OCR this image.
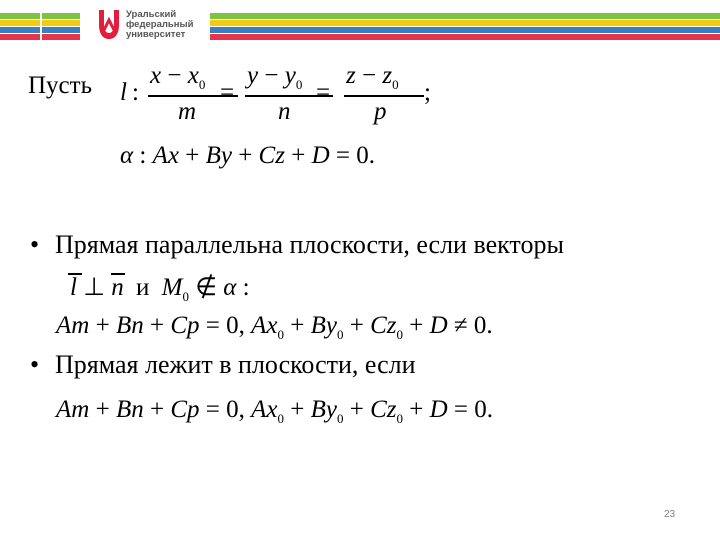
Уральский
федеральный
университет
Пусть l :
$x - x_0$
m
=
$y - y_0$
n
=
$z - z_0$
p
;
α : Ax + By + Cz + D = 0.
• Прямая параллельна плоскости, если векторы
l
⊥ n и $M_0$ ∉ α :
Am + Bn + Cp = 0, $Ax_0 + By_0 + Cz_0 + D \ne 0$.
• Прямая лежит в плоскости, если
Am + Bn + Cp = 0, $Ax_0 + By_0 + Cz_0 + D = 0$.
23
